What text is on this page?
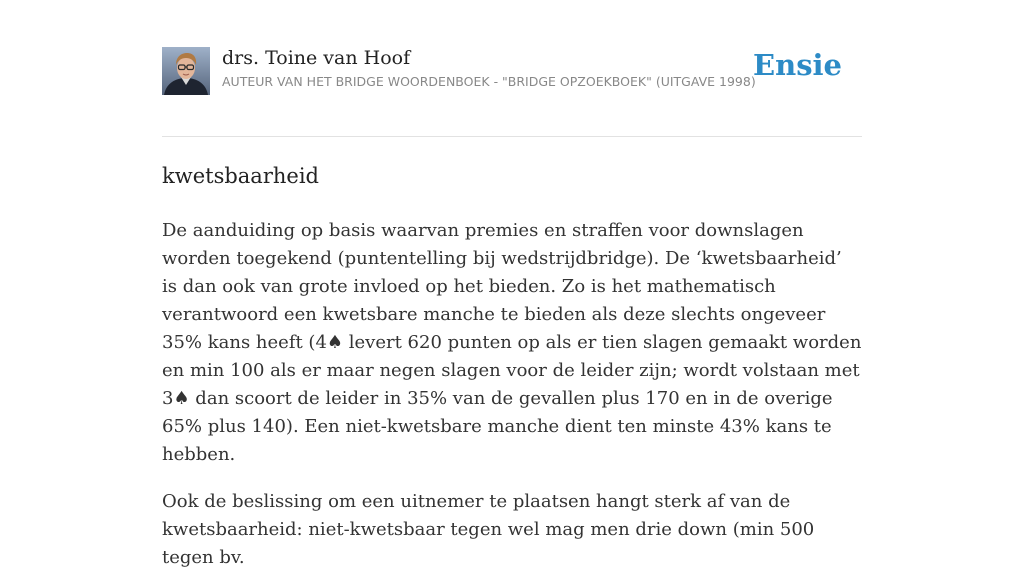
drs. Toine van Hoof
AUTEUR VAN HET BRIDGE WOORDENBOEK - "BRIDGE OPZOEKBOEK" (UITGAVE 1998)
Ensie
kwetsbaarheid

De aanduiding op basis waarvan premies en straffen voor downslagen worden toegekend (puntentelling bij wedstrijdbridge). De ‘kwetsbaarheid’ is dan ook van grote invloed op het bieden. Zo is het mathematisch verantwoord een kwetsbare manche te bieden als deze slechts ongeveer 35% kans heeft (4♠ levert 620 punten op als er tien slagen gemaakt worden en min 100 als er maar negen slagen voor de leider zijn; wordt volstaan met 3♠ dan scoort de leider in 35% van de gevallen plus 170 en in de overige 65% plus 140). Een niet-kwetsbare manche dient ten minste 43% kans te hebben.

Ook de beslissing om een uitnemer te plaatsen hangt sterk af van de kwetsbaarheid: niet-kwetsbaar tegen wel mag men drie down (min 500 tegen bv.
